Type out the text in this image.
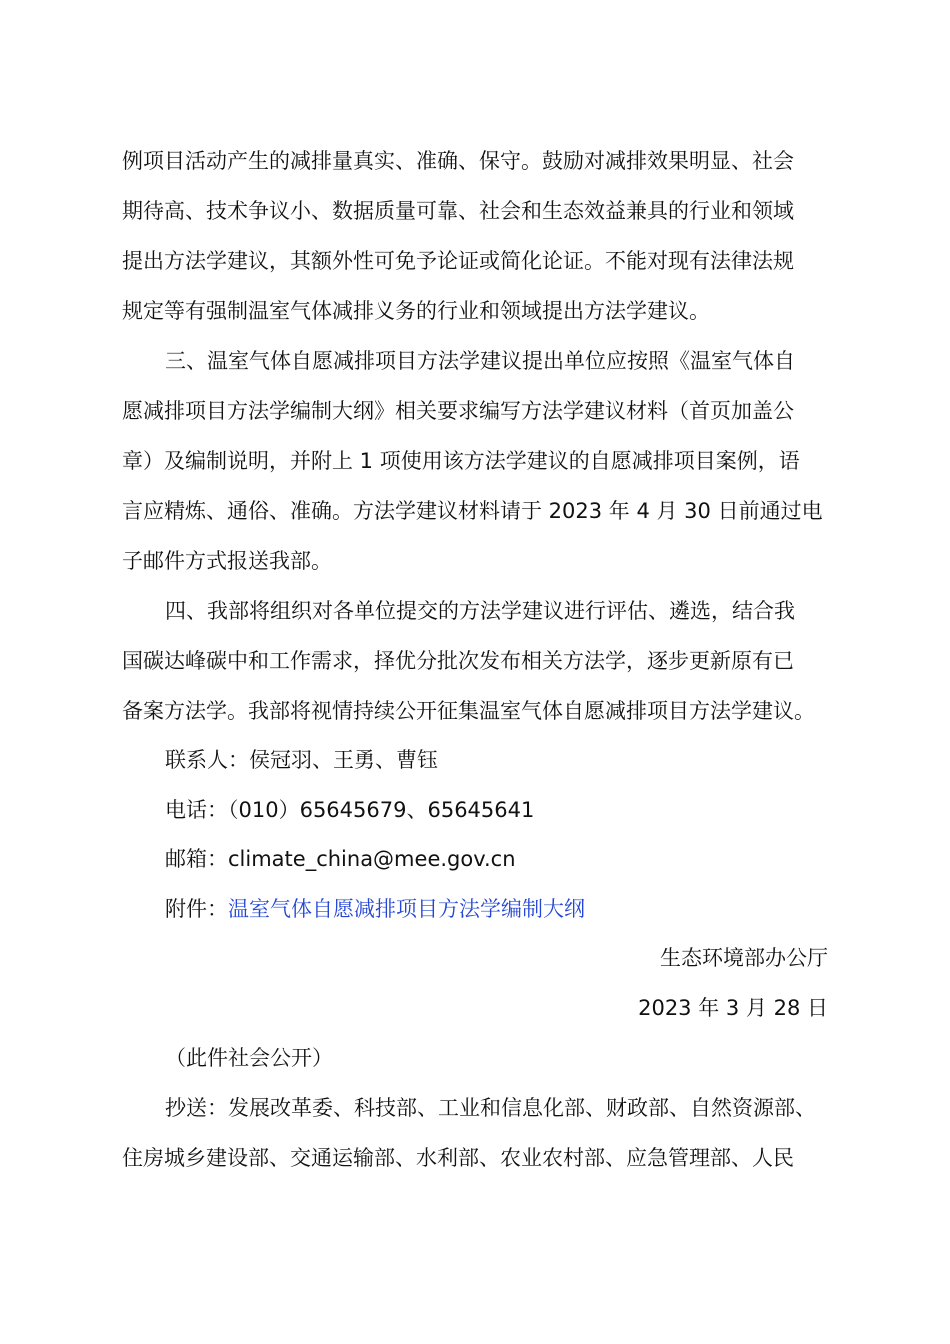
例项目活动产生的减排量真实、准确、保守。鼓励对减排效果明显、社会
期待高、技术争议小、数据质量可靠、社会和生态效益兼具的行业和领域
提出方法学建议，其额外性可免予论证或简化论证。不能对现有法律法规
规定等有强制温室气体减排义务的行业和领域提出方法学建议。
三、温室气体自愿减排项目方法学建议提出单位应按照《温室气体自
愿减排项目方法学编制大纲》相关要求编写方法学建议材料（首页加盖公
章）及编制说明，并附上 1 项使用该方法学建议的自愿减排项目案例，语
言应精炼、通俗、准确。方法学建议材料请于 2023 年 4 月 30 日前通过电
子邮件方式报送我部。
四、我部将组织对各单位提交的方法学建议进行评估、遴选，结合我
国碳达峰碳中和工作需求，择优分批次发布相关方法学，逐步更新原有已
备案方法学。我部将视情持续公开征集温室气体自愿减排项目方法学建议。
联系人：侯冠羽、王勇、曹钰
电话：（010）65645679、65645641
邮箱：climate_china@mee.gov.cn
附件：温室气体自愿减排项目方法学编制大纲
生态环境部办公厅
2023 年 3 月 28 日
（此件社会公开）
抄送：发展改革委、科技部、工业和信息化部、财政部、自然资源部、
住房城乡建设部、交通运输部、水利部、农业农村部、应急管理部、人民
